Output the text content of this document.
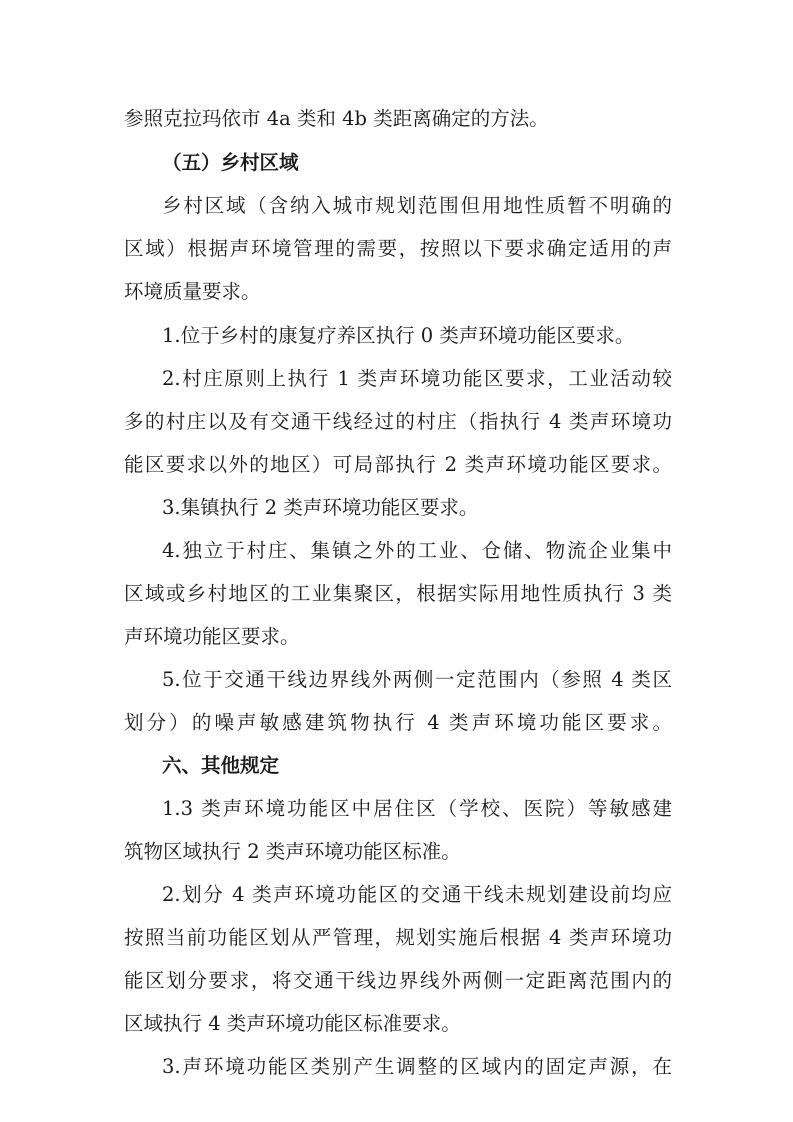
参照克拉玛依市 4a 类和 4b 类距离确定的方法。
（五）乡村区域
乡村区域（含纳入城市规划范围但用地性质暂不明确的
区域）根据声环境管理的需要，按照以下要求确定适用的声
环境质量要求。
1.位于乡村的康复疗养区执行 0 类声环境功能区要求。
2.村庄原则上执行 1 类声环境功能区要求，工业活动较
多的村庄以及有交通干线经过的村庄（指执行 4 类声环境功
能区要求以外的地区）可局部执行 2 类声环境功能区要求。
3.集镇执行 2 类声环境功能区要求。
4.独立于村庄、集镇之外的工业、仓储、物流企业集中
区域或乡村地区的工业集聚区，根据实际用地性质执行 3 类
声环境功能区要求。
5.位于交通干线边界线外两侧一定范围内（参照 4 类区
划分）的噪声敏感建筑物执行 4 类声环境功能区要求。
六、其他规定
1.3 类声环境功能区中居住区（学校、医院）等敏感建
筑物区域执行 2 类声环境功能区标准。
2.划分 4 类声环境功能区的交通干线未规划建设前均应
按照当前功能区划从严管理，规划实施后根据 4 类声环境功
能区划分要求，将交通干线边界线外两侧一定距离范围内的
区域执行 4 类声环境功能区标准要求。
3.声环境功能区类别产生调整的区域内的固定声源，在
